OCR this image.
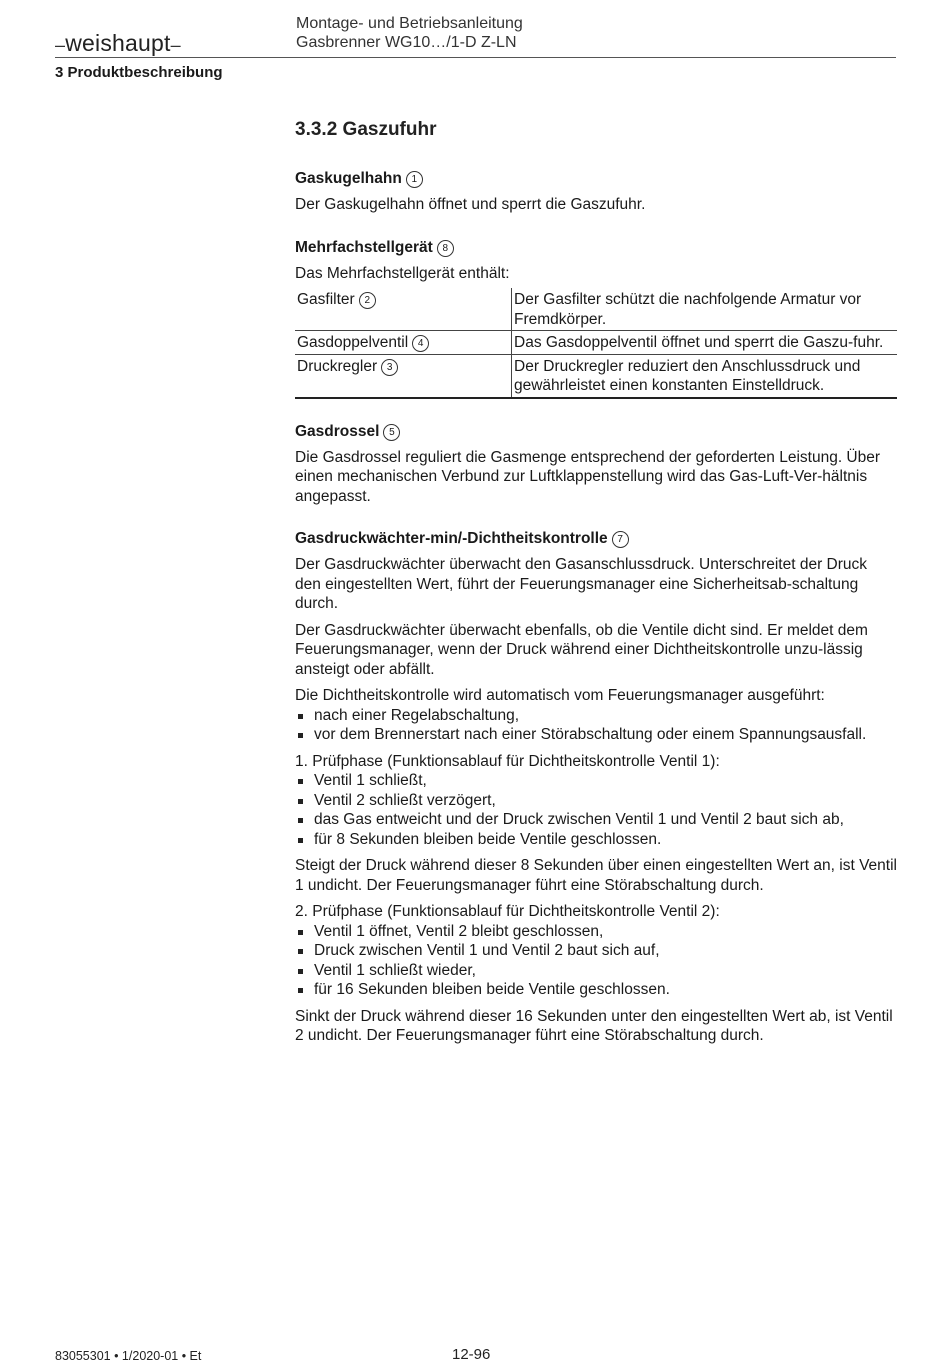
–weishaupt–
Montage- und Betriebsanleitung
Gasbrenner WG10…/1-D Z-LN
3 Produktbeschreibung
3.3.2 Gaszufuhr
Gaskugelhahn 1

Der Gaskugelhahn öffnet und sperrt die Gaszufuhr.

Mehrfachstellgerät 8

Das Mehrfachstellgerät enthält:

Gasfilter 2	Der Gasfilter schützt die nachfolgende Armatur vor Fremdkörper.
Gasdoppelventil 4	Das Gasdoppelventil öffnet und sperrt die Gaszu-fuhr.
Druckregler 3	Der Druckregler reduziert den Anschlussdruck und gewährleistet einen konstanten Einstelldruck.
Gasdrossel 5

Die Gasdrossel reguliert die Gasmenge entsprechend der geforderten Leistung. Über einen mechanischen Verbund zur Luftklappenstellung wird das Gas-Luft-Ver-hältnis angepasst.

Gasdruckwächter-min/-Dichtheitskontrolle 7

Der Gasdruckwächter überwacht den Gasanschlussdruck. Unterschreitet der Druck den eingestellten Wert, führt der Feuerungsmanager eine Sicherheitsab-schaltung durch.

Der Gasdruckwächter überwacht ebenfalls, ob die Ventile dicht sind. Er meldet dem Feuerungsmanager, wenn der Druck während einer Dichtheitskontrolle unzu-lässig ansteigt oder abfällt.

Die Dichtheitskontrolle wird automatisch vom Feuerungsmanager ausgeführt:

nach einer Regelabschaltung,
vor dem Brennerstart nach einer Störabschaltung oder einem Spannungsausfall.

1. Prüfphase (Funktionsablauf für Dichtheitskontrolle Ventil 1):

Ventil 1 schließt,
Ventil 2 schließt verzögert,
das Gas entweicht und der Druck zwischen Ventil 1 und Ventil 2 baut sich ab,
für 8 Sekunden bleiben beide Ventile geschlossen.

Steigt der Druck während dieser 8 Sekunden über einen eingestellten Wert an, ist Ventil 1 undicht. Der Feuerungsmanager führt eine Störabschaltung durch.

2. Prüfphase (Funktionsablauf für Dichtheitskontrolle Ventil 2):

Ventil 1 öffnet, Ventil 2 bleibt geschlossen,
Druck zwischen Ventil 1 und Ventil 2 baut sich auf,
Ventil 1 schließt wieder,
für 16 Sekunden bleiben beide Ventile geschlossen.

Sinkt der Druck während dieser 16 Sekunden unter den eingestellten Wert ab, ist Ventil 2 undicht. Der Feuerungsmanager führt eine Störabschaltung durch.

83055301 • 1/2020-01 • Et	12-96
